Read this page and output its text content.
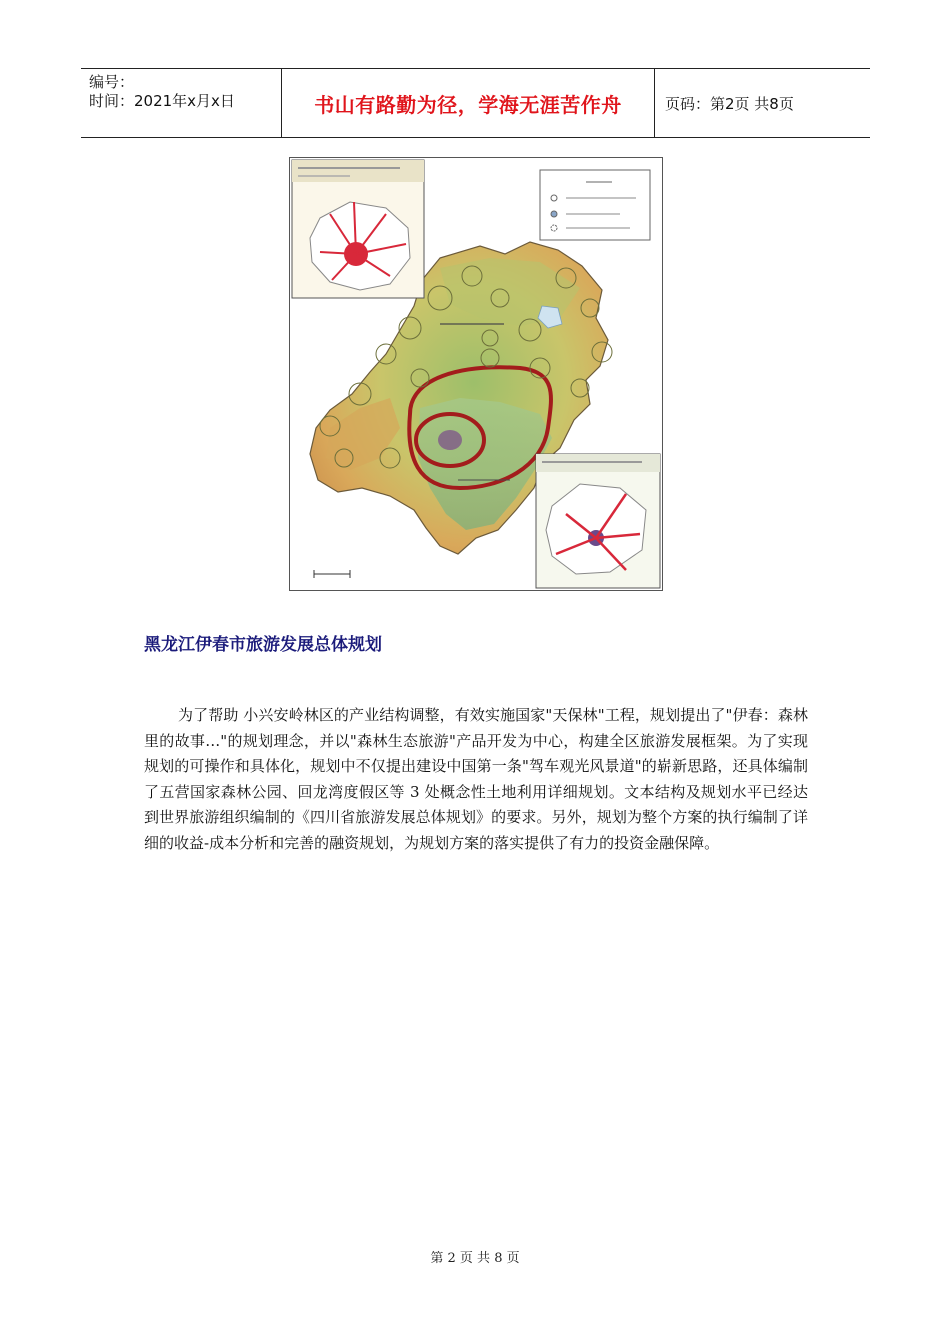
编号：
时间：2021年x月x日	书山有路勤为径，学海无涯苦作舟	页码：第2页 共8页
黑龙江伊春市旅游发展总体规划
为了帮助 小兴安岭林区的产业结构调整，有效实施国家"天保林"工程，规划提出了"伊春：森林里的故事…"的规划理念，并以"森林生态旅游"产品开发为中心，构建全区旅游发展框架。为了实现规划的可操作和具体化，规划中不仅提出建设中国第一条"驾车观光风景道"的崭新思路，还具体编制了五营国家森林公园、回龙湾度假区等 3 处概念性土地利用详细规划。文本结构及规划水平已经达到世界旅游组织编制的《四川省旅游发展总体规划》的要求。另外，规划为整个方案的执行编制了详细的收益-成本分析和完善的融资规划，为规划方案的落实提供了有力的投资金融保障。
第 2 页 共 8 页
